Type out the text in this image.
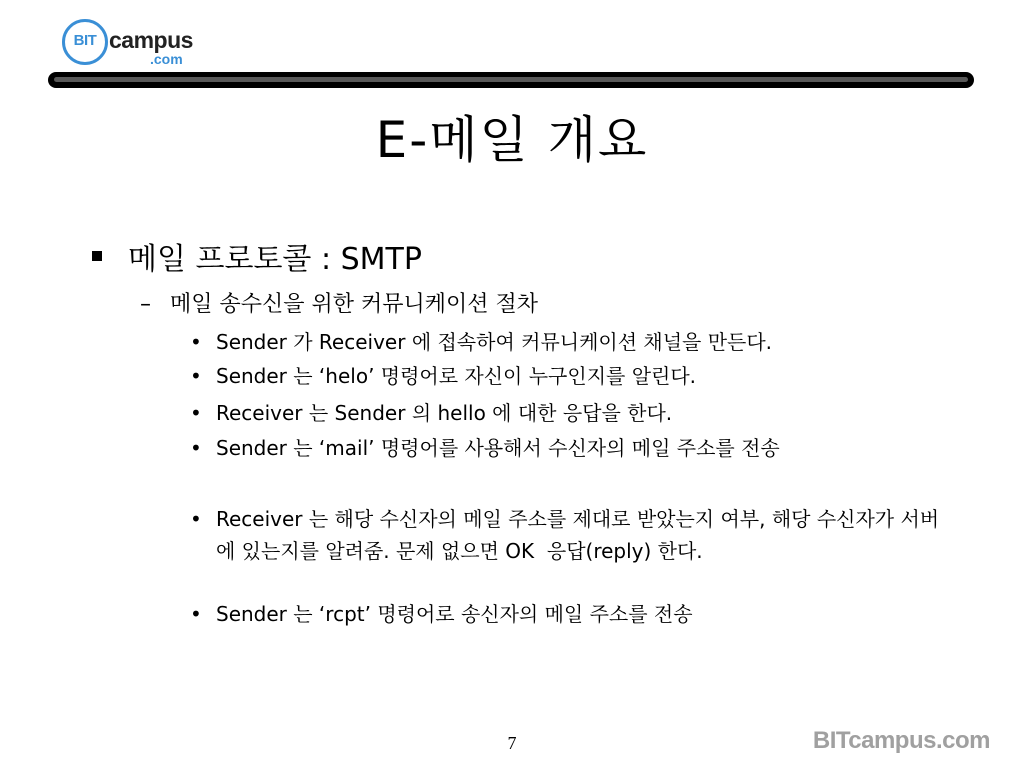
BIT campus
.com
E-메일 개요
메일 프로토콜 : SMTP
– 메일 송수신을 위한 커뮤니케이션 절차
• Sender 가 Receiver 에 접속하여 커뮤니케이션 채널을 만든다.
• Sender 는 ‘helo’ 명령어로 자신이 누구인지를 알린다.
• Receiver 는 Sender 의 hello 에 대한 응답을 한다.
• Sender 는 ‘mail’ 명령어를 사용해서 수신자의 메일 주소를 전송
• Receiver 는 해당 수신자의 메일 주소를 제대로 받았는지 여부, 해당 수신자가 서버에 있는지를 알려줌. 문제 없으면 OK  응답(reply) 한다.
• Sender 는 ‘rcpt’ 명령어로 송신자의 메일 주소를 전송
7	BITcampus.com
